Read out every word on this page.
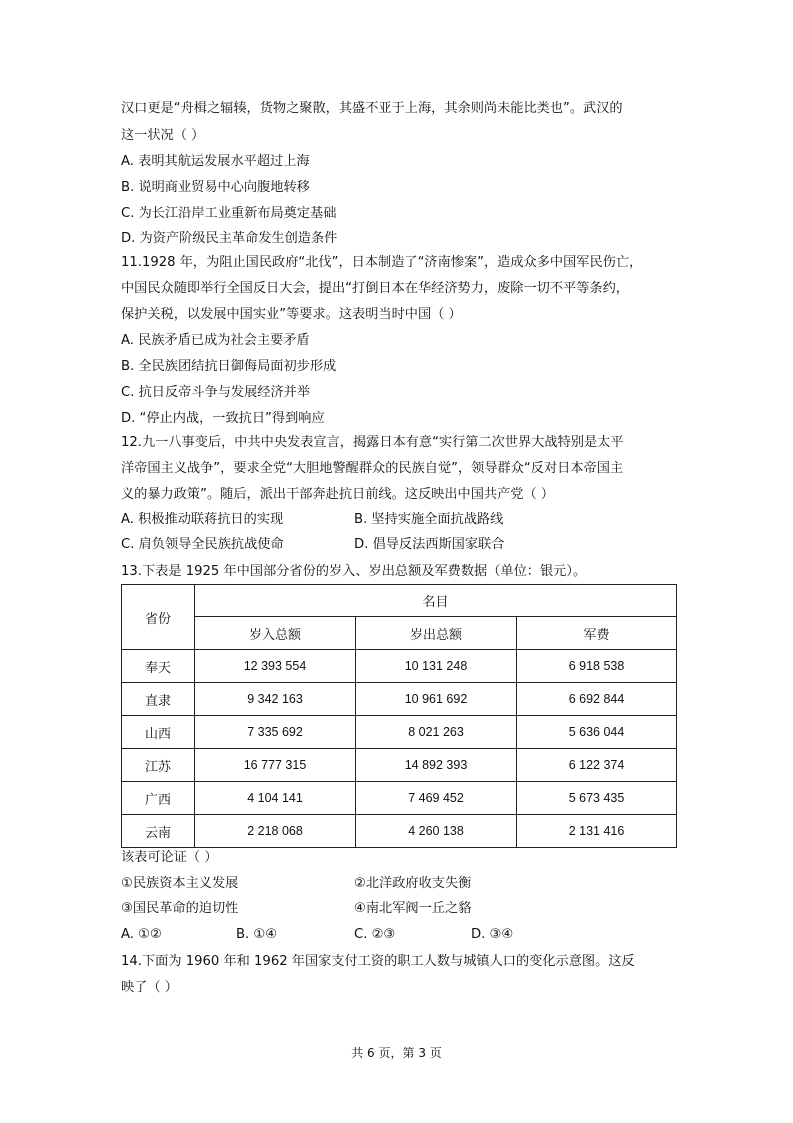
汉口更是“舟楫之辐辏，货物之聚散，其盛不亚于上海，其余则尚未能比类也”。武汉的
这一状况（ ）
A. 表明其航运发展水平超过上海
B. 说明商业贸易中心向腹地转移
C. 为长江沿岸工业重新布局奠定基础
D. 为资产阶级民主革命发生创造条件
11.1928 年，为阻止国民政府“北伐”，日本制造了“济南惨案”，造成众多中国军民伤亡，
中国民众随即举行全国反日大会，提出“打倒日本在华经济势力，废除一切不平等条约，
保护关税，以发展中国实业”等要求。这表明当时中国（ ）
A. 民族矛盾已成为社会主要矛盾
B. 全民族团结抗日御侮局面初步形成
C. 抗日反帝斗争与发展经济并举
D. “停止内战，一致抗日”得到响应
12.九一八事变后，中共中央发表宣言，揭露日本有意“实行第二次世界大战特别是太平
洋帝国主义战争”，要求全党“大胆地警醒群众的民族自觉”，领导群众“反对日本帝国主
义的暴力政策”。随后，派出干部奔赴抗日前线。这反映出中国共产党（ ）
A. 积极推动联蒋抗日的实现	B. 坚持实施全面抗战路线
C. 肩负领导全民族抗战使命	D. 倡导反法西斯国家联合
13.下表是 1925 年中国部分省份的岁入、岁出总额及军费数据（单位：银元）。
省份	名目		
	岁入总额	岁出总额	军费
奉天	12 393 554	10 131 248	6 918 538
直隶	9 342 163	10 961 692	6 692 844
山西	7 335 692	8 021 263	5 636 044
江苏	16 777 315	14 892 393	6 122 374
广西	4 104 141	7 469 452	5 673 435
云南	2 218 068	4 260 138	2 131 416
该表可论证（ ）
①民族资本主义发展	②北洋政府收支失衡
③国民革命的迫切性	④南北军阀一丘之貉
A. ①②	B. ①④	C. ②③	D. ③④
14.下面为 1960 年和 1962 年国家支付工资的职工人数与城镇人口的变化示意图。这反
映了（ ）
共 6 页，第 3 页
